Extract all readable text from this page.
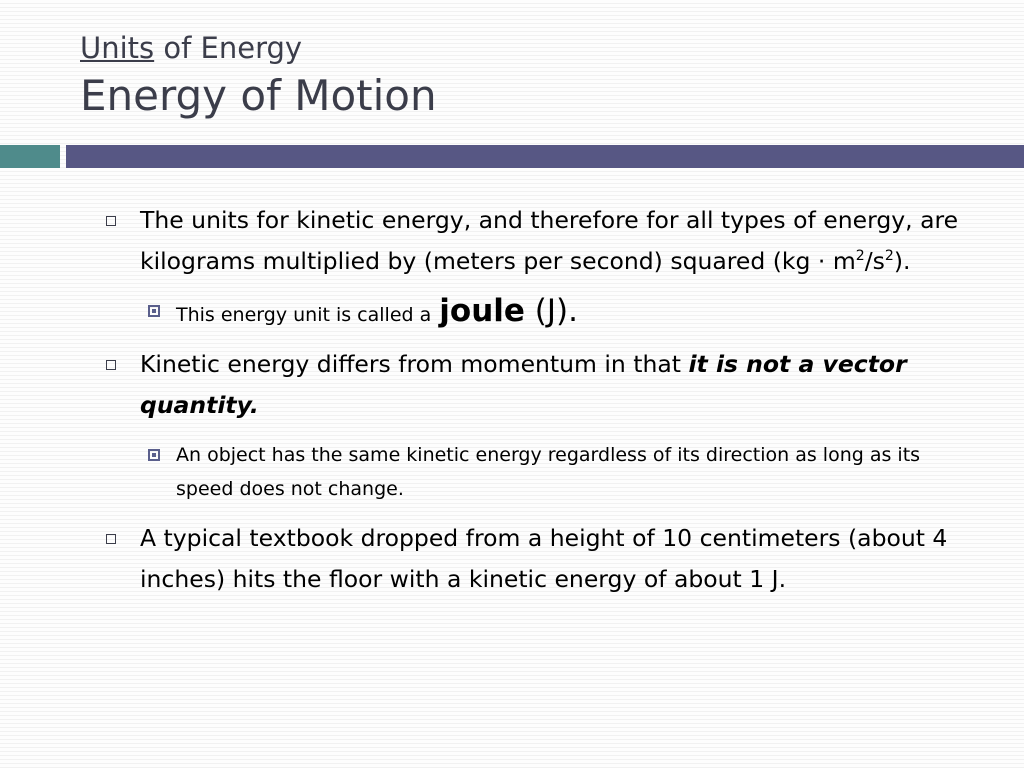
Units of Energy
Energy of Motion
The units for kinetic energy, and therefore for all types of energy, are kilograms multiplied by (meters per second) squared $(kg \cdot m^2/s^2)$.
This energy unit is called a joule (J).
Kinetic energy differs from momentum in that it is not a vector quantity.
An object has the same kinetic energy regardless of its direction as long as its speed does not change.
A typical textbook dropped from a height of 10 centimeters (about 4 inches) hits the floor with a kinetic energy of about 1 J.
